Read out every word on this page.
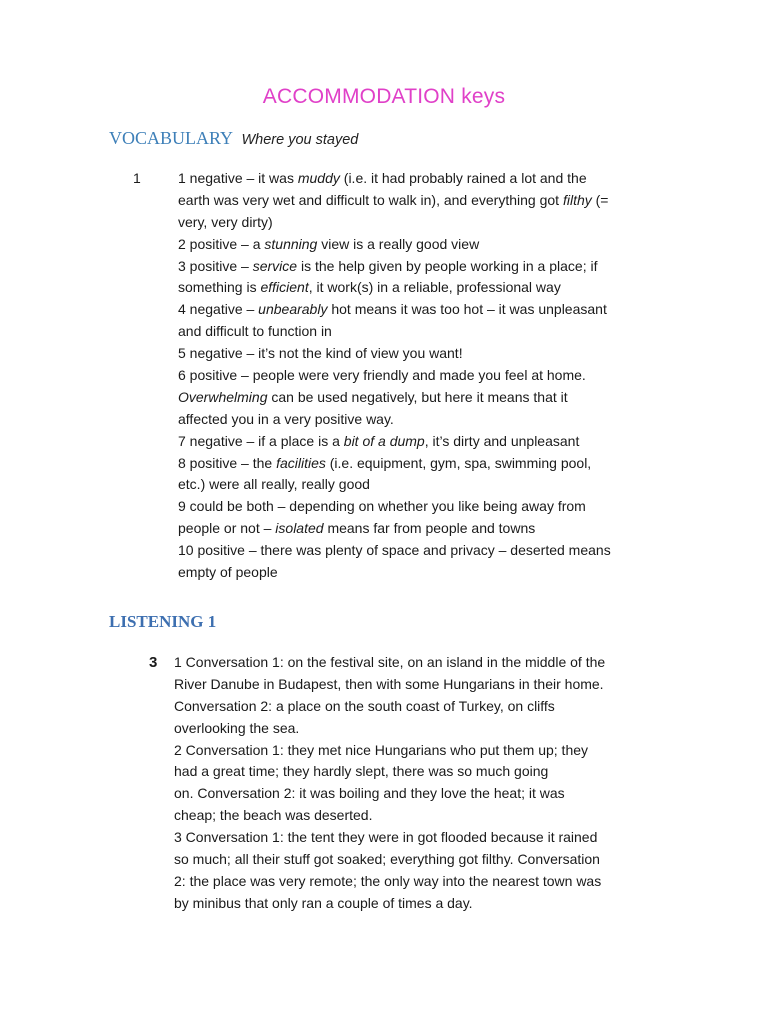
ACCOMMODATION keys
VOCABULARY Where you stayed
1	1 negative – it was muddy (i.e. it had probably rained a lot and the
earth was very wet and difficult to walk in), and everything got filthy (=
very, very dirty)
2 positive – a stunning view is a really good view
3 positive – service is the help given by people working in a place; if
something is efficient, it work(s) in a reliable, professional way
4 negative – unbearably hot means it was too hot – it was unpleasant
and difficult to function in
5 negative – it’s not the kind of view you want!
6 positive – people were very friendly and made you feel at home.
Overwhelming can be used negatively, but here it means that it
affected you in a very positive way.
7 negative – if a place is a bit of a dump, it’s dirty and unpleasant
8 positive – the facilities (i.e. equipment, gym, spa, swimming pool,
etc.) were all really, really good
9 could be both – depending on whether you like being away from
people or not – isolated means far from people and towns
10 positive – there was plenty of space and privacy – deserted means
empty of people
LISTENING 1
3 1 Conversation 1: on the festival site, on an island in the middle of the
River Danube in Budapest, then with some Hungarians in their home.
Conversation 2: a place on the south coast of Turkey, on cliffs
overlooking the sea.
2 Conversation 1: they met nice Hungarians who put them up; they
had a great time; they hardly slept, there was so much going
on. Conversation 2: it was boiling and they love the heat; it was
cheap; the beach was deserted.
3 Conversation 1: the tent they were in got flooded because it rained
so much; all their stuff got soaked; everything got filthy. Conversation
2: the place was very remote; the only way into the nearest town was
by minibus that only ran a couple of times a day.
